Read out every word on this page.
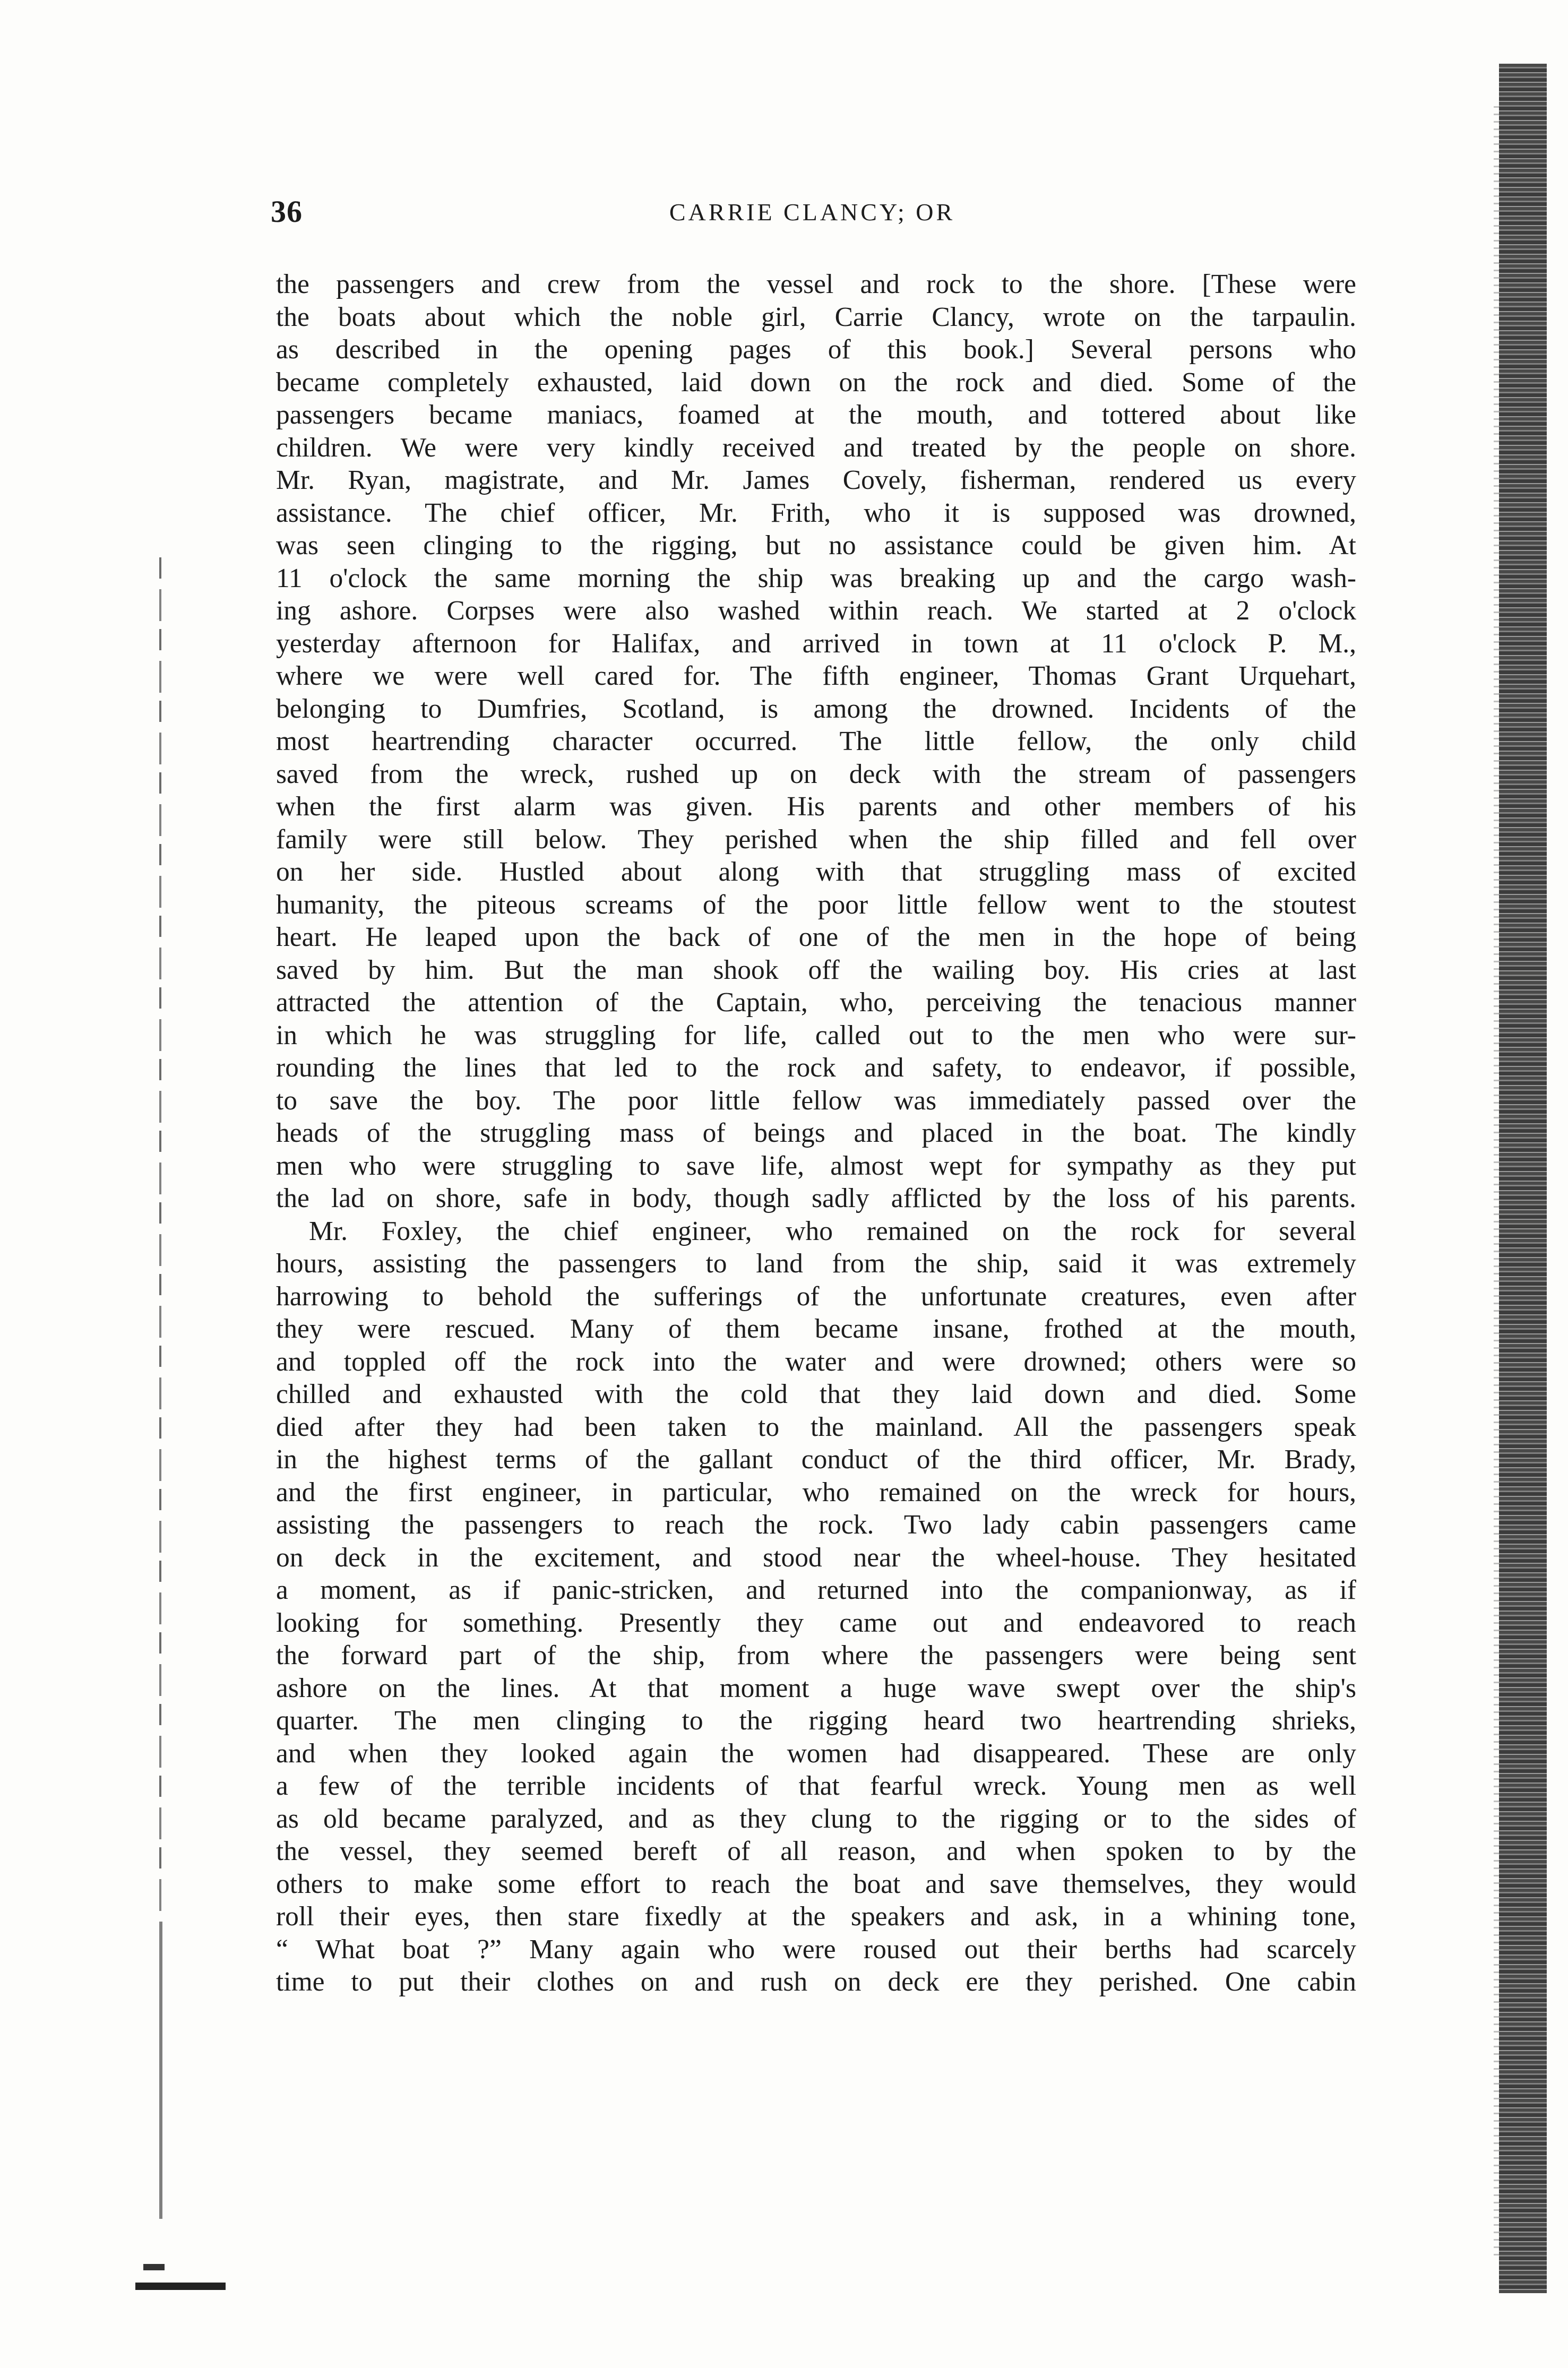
36	CARRIE CLANCY; OR
the passengers and crew from the vessel and rock to the shore. [These were
the boats about which the noble girl, Carrie Clancy, wrote on the tarpaulin.
as described in the opening pages of this book.] Several persons who
became completely exhausted, laid down on the rock and died. Some of the
passengers became maniacs, foamed at the mouth, and tottered about like
children. We were very kindly received and treated by the people on shore.
Mr. Ryan, magistrate, and Mr. James Covely, fisherman, rendered us every
assistance. The chief officer, Mr. Frith, who it is supposed was drowned,
was seen clinging to the rigging, but no assistance could be given him. At
11 o'clock the same morning the ship was breaking up and the cargo wash-
ing ashore. Corpses were also washed within reach. We started at 2 o'clock
yesterday afternoon for Halifax, and arrived in town at 11 o'clock P. M.,
where we were well cared for. The fifth engineer, Thomas Grant Urquehart,
belonging to Dumfries, Scotland, is among the drowned. Incidents of the
most heartrending character occurred. The little fellow, the only child
saved from the wreck, rushed up on deck with the stream of passengers
when the first alarm was given. His parents and other members of his
family were still below. They perished when the ship filled and fell over
on her side. Hustled about along with that struggling mass of excited
humanity, the piteous screams of the poor little fellow went to the stoutest
heart. He leaped upon the back of one of the men in the hope of being
saved by him. But the man shook off the wailing boy. His cries at last
attracted the attention of the Captain, who, perceiving the tenacious manner
in which he was struggling for life, called out to the men who were sur-
rounding the lines that led to the rock and safety, to endeavor, if possible,
to save the boy. The poor little fellow was immediately passed over the
heads of the struggling mass of beings and placed in the boat. The kindly
men who were struggling to save life, almost wept for sympathy as they put
the lad on shore, safe in body, though sadly afflicted by the loss of his parents.
Mr. Foxley, the chief engineer, who remained on the rock for several
hours, assisting the passengers to land from the ship, said it was extremely
harrowing to behold the sufferings of the unfortunate creatures, even after
they were rescued. Many of them became insane, frothed at the mouth,
and toppled off the rock into the water and were drowned; others were so
chilled and exhausted with the cold that they laid down and died. Some
died after they had been taken to the mainland. All the passengers speak
in the highest terms of the gallant conduct of the third officer, Mr. Brady,
and the first engineer, in particular, who remained on the wreck for hours,
assisting the passengers to reach the rock. Two lady cabin passengers came
on deck in the excitement, and stood near the wheel-house. They hesitated
a moment, as if panic-stricken, and returned into the companionway, as if
looking for something. Presently they came out and endeavored to reach
the forward part of the ship, from where the passengers were being sent
ashore on the lines. At that moment a huge wave swept over the ship's
quarter. The men clinging to the rigging heard two heartrending shrieks,
and when they looked again the women had disappeared. These are only
a few of the terrible incidents of that fearful wreck. Young men as well
as old became paralyzed, and as they clung to the rigging or to the sides of
the vessel, they seemed bereft of all reason, and when spoken to by the
others to make some effort to reach the boat and save themselves, they would
roll their eyes, then stare fixedly at the speakers and ask, in a whining tone,
“ What boat ?” Many again who were roused out their berths had scarcely
time to put their clothes on and rush on deck ere they perished. One cabin
